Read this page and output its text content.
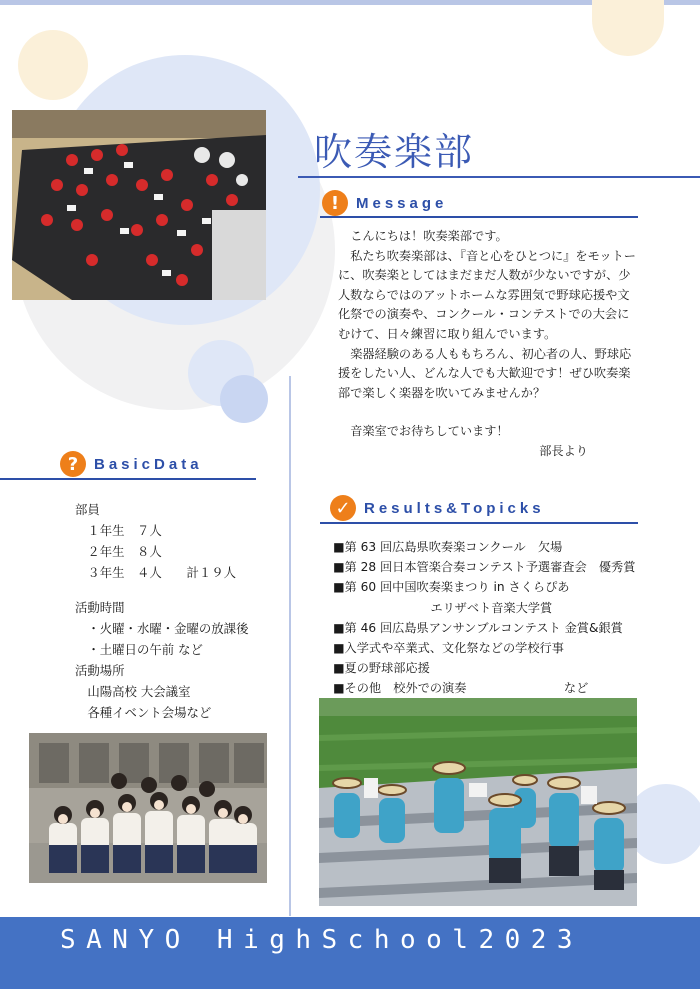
吹奏楽部
!	Message

こんにちは！吹奏楽部です。

私たち吹奏楽部は、『音と心をひとつに』をモットーに、吹奏楽としてはまだまだ人数が少ないですが、少人数ならではのアットホームな雰囲気で野球応援や文化祭での演奏や、コンクール・コンテストでの大会にむけて、日々練習に取り組んでいます。

楽器経験のある人ももちろん、初心者の人、野球応援をしたい人、どんな人でも大歓迎です！ぜひ吹奏楽部で楽しく楽器を吹いてみませんか？

音楽室でお待ちしています！

部長より

?	BasicData
部員
　１年生　７人
　２年生　８人
　３年生　４人　　計１９人
活動時間
　・火曜・水曜・金曜の放課後
　・土曜日の午前 など
活動場所
　山陽高校 大会議室
　各種イベント会場など
✓ Results&Topicks
■第 63 回広島県吹奏楽コンクール　欠場
■第 28 回日本管楽合奏コンテスト予選審査会　優秀賞
■第 60 回中国吹奏楽まつり in さくらぴあ
　　　　　　　　エリザベト音楽大学賞
■第 46 回広島県アンサンブルコンテスト 金賞&銀賞
■入学式や卒業式、文化祭などの学校行事
■夏の野球部応援
■その他　校外での演奏　　　　　　　　など
SANYO HighSchool2023
